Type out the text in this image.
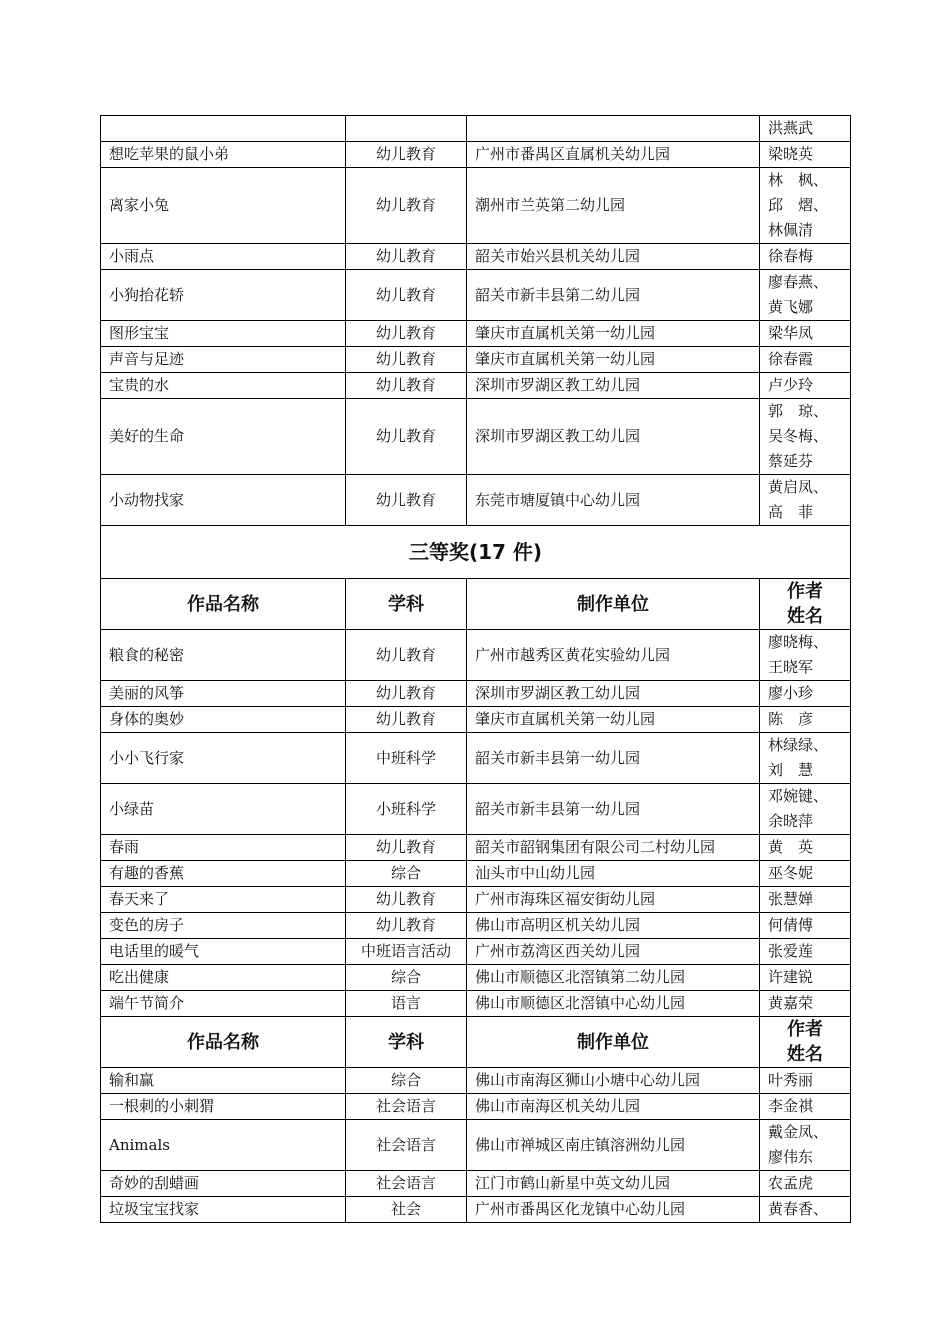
			洪燕武
想吃苹果的鼠小弟	幼儿教育	广州市番禺区直属机关幼儿园	梁晓英
离家小兔	幼儿教育	潮州市兰英第二幼儿园	林　枫、
邱　熠、
林佩清
小雨点	幼儿教育	韶关市始兴县机关幼儿园	徐春梅
小狗抬花轿	幼儿教育	韶关市新丰县第二幼儿园	廖春燕、
黄飞娜
图形宝宝	幼儿教育	肇庆市直属机关第一幼儿园	梁华凤
声音与足迹	幼儿教育	肇庆市直属机关第一幼儿园	徐春霞
宝贵的水	幼儿教育	深圳市罗湖区教工幼儿园	卢少玲
美好的生命	幼儿教育	深圳市罗湖区教工幼儿园	郭　琼、
吴冬梅、
蔡延芬
小动物找家	幼儿教育	东莞市塘厦镇中心幼儿园	黄启凤、
高　菲
三等奖(17 件)			
作品名称	学科	制作单位	作者
姓名
粮食的秘密	幼儿教育	广州市越秀区黄花实验幼儿园	廖晓梅、
王晓军
美丽的风筝	幼儿教育	深圳市罗湖区教工幼儿园	廖小珍
身体的奥妙	幼儿教育	肇庆市直属机关第一幼儿园	陈　彦
小小飞行家	中班科学	韶关市新丰县第一幼儿园	林绿绿、
刘　慧
小绿苗	小班科学	韶关市新丰县第一幼儿园	邓婉键、
余晓萍
春雨	幼儿教育	韶关市韶钢集团有限公司二村幼儿园	黄　英
有趣的香蕉	综合	汕头市中山幼儿园	巫冬妮
春天来了	幼儿教育	广州市海珠区福安街幼儿园	张慧婵
变色的房子	幼儿教育	佛山市高明区机关幼儿园	何倩傅
电话里的暖气	中班语言活动	广州市荔湾区西关幼儿园	张爱莲
吃出健康	综合	佛山市顺德区北滘镇第二幼儿园	许建锐
端午节简介	语言	佛山市顺德区北滘镇中心幼儿园	黄嘉荣
作品名称	学科	制作单位	作者
姓名
输和赢	综合	佛山市南海区狮山小塘中心幼儿园	叶秀丽
一根刺的小刺猬	社会语言	佛山市南海区机关幼儿园	李金祺
Animals	社会语言	佛山市禅城区南庄镇溶洲幼儿园	戴金凤、
廖伟东
奇妙的刮蜡画	社会语言	江门市鹤山新星中英文幼儿园	农孟虎
垃圾宝宝找家	社会	广州市番禺区化龙镇中心幼儿园	黄春香、
